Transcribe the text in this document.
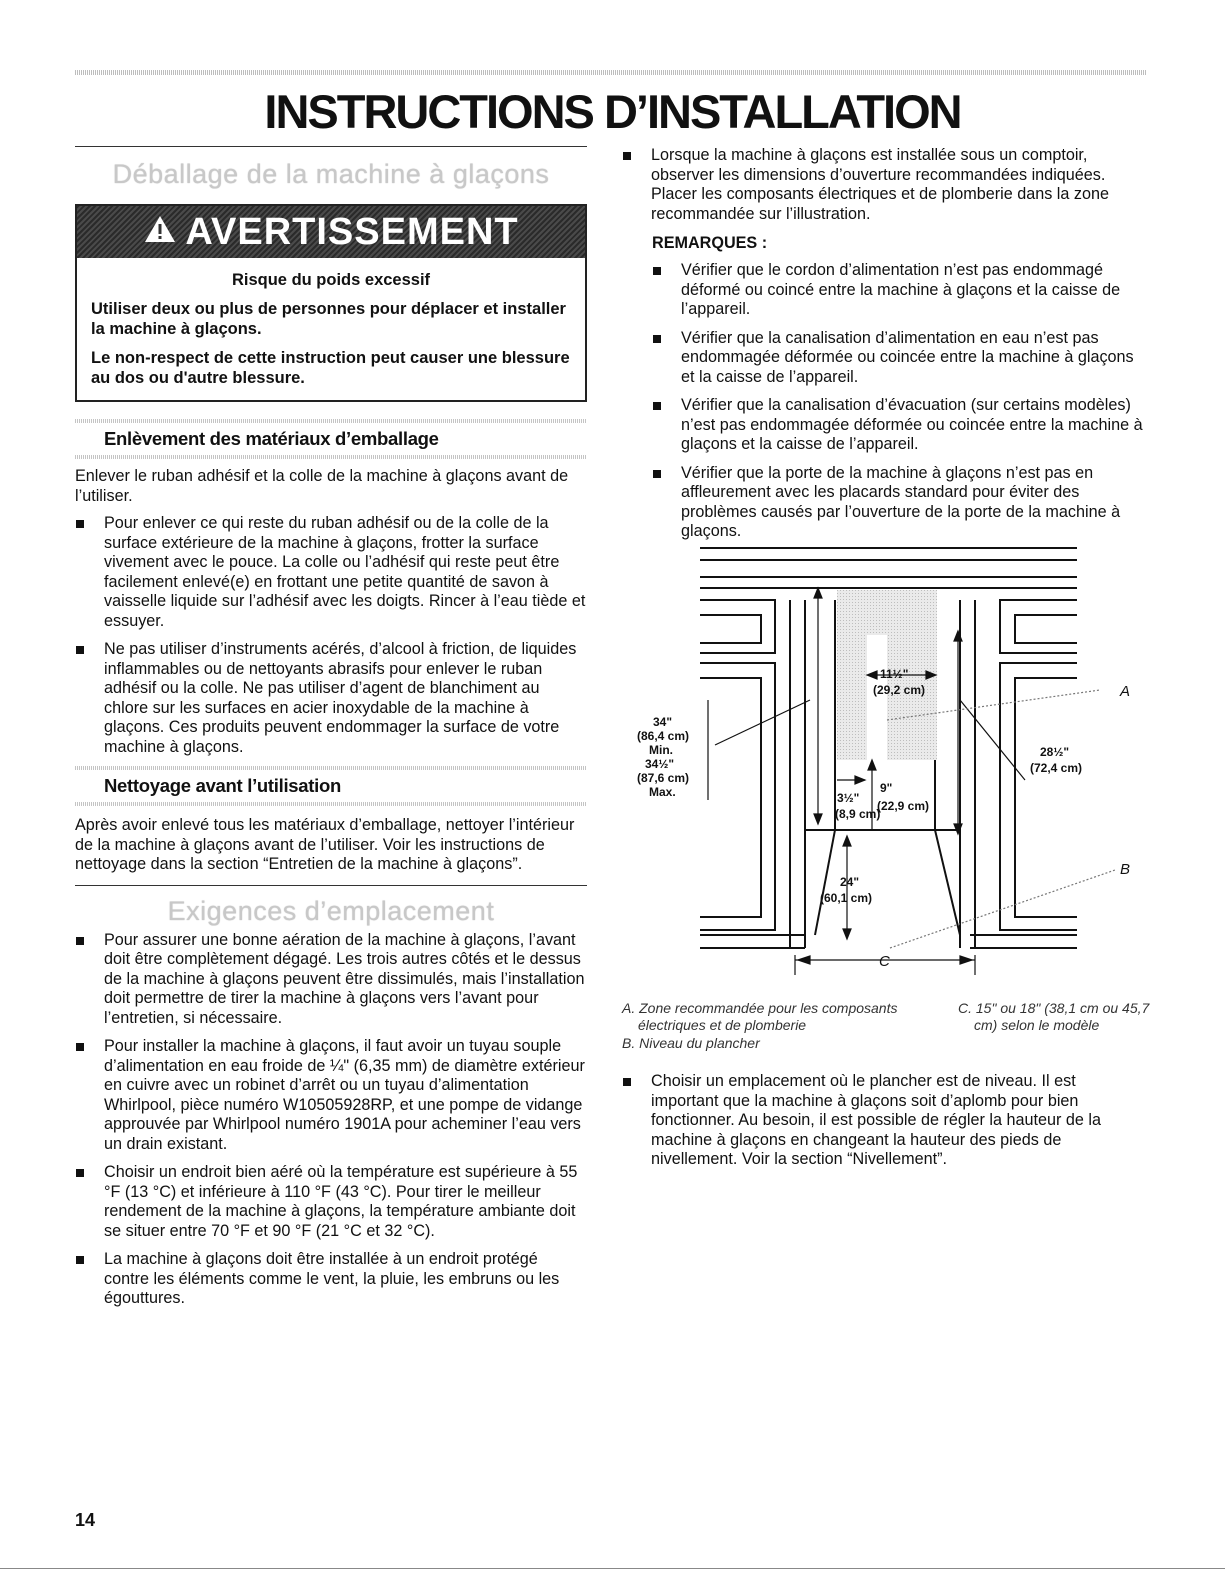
INSTRUCTIONS D’INSTALLATION
Déballage de la machine à glaçons
AVERTISSEMENT
Risque du poids excessif

Utiliser deux ou plus de personnes pour déplacer et installer la machine à glaçons.

Le non-respect de cette instruction peut causer une blessure au dos ou d'autre blessure.

Enlèvement des matériaux d’emballage

Enlever le ruban adhésif et la colle de la machine à glaçons avant de l’utiliser.

Pour enlever ce qui reste du ruban adhésif ou de la colle de la surface extérieure de la machine à glaçons, frotter la surface vivement avec le pouce. La colle ou l’adhésif qui reste peut être facilement enlevé(e) en frottant une petite quantité de savon à vaisselle liquide sur l’adhésif avec les doigts. Rincer à l’eau tiède et essuyer.
Ne pas utiliser d’instruments acérés, d’alcool à friction, de liquides inflammables ou de nettoyants abrasifs pour enlever le ruban adhésif ou la colle. Ne pas utiliser d’agent de blanchiment au chlore sur les surfaces en acier inoxydable de la machine à glaçons. Ces produits peuvent endommager la surface de votre machine à glaçons.
Nettoyage avant l’utilisation

Après avoir enlevé tous les matériaux d’emballage, nettoyer l’intérieur de la machine à glaçons avant de l’utiliser. Voir les instructions de nettoyage dans la section “Entretien de la machine à glaçons”.

Exigences d’emplacement
Pour assurer une bonne aération de la machine à glaçons, l’avant doit être complètement dégagé. Les trois autres côtés et le dessus de la machine à glaçons peuvent être dissimulés, mais l’installation doit permettre de tirer la machine à glaçons vers l’avant pour l’entretien, si nécessaire.
Pour installer la machine à glaçons, il faut avoir un tuyau souple d’alimentation en eau froide de ¼" (6,35 mm) de diamètre extérieur en cuivre avec un robinet d’arrêt ou un tuyau d’alimentation Whirlpool, pièce numéro W10505928RP, et une pompe de vidange approuvée par Whirlpool numéro 1901A pour acheminer l’eau vers un drain existant.
Choisir un endroit bien aéré où la température est supérieure à 55 °F (13 °C) et inférieure à 110 °F (43 °C). Pour tirer le meilleur rendement de la machine à glaçons, la température ambiante doit se situer entre 70 °F et 90 °F (21 °C et 32 °C).
La machine à glaçons doit être installée à un endroit protégé contre les éléments comme le vent, la pluie, les embruns ou les égouttures.
Lorsque la machine à glaçons est installée sous un comptoir, observer les dimensions d’ouverture recommandées indiquées. Placer les composants électriques et de plomberie dans la zone recommandée sur l’illustration.
REMARQUES :
Vérifier que le cordon d’alimentation n’est pas endommagé déformé ou coincé entre la machine à glaçons et la caisse de l’appareil.
Vérifier que la canalisation d’alimentation en eau n’est pas endommagée déformée ou coincée entre la machine à glaçons et la caisse de l’appareil.
Vérifier que la canalisation d’évacuation (sur certains modèles) n’est pas endommagée déformée ou coincée entre la machine à glaçons et la caisse de l’appareil.
Vérifier que la porte de la machine à glaçons n’est pas en affleurement avec les placards standard pour éviter des problèmes causés par l’ouverture de la porte de la machine à glaçons.
34"
(86,4 cm)
Min.
34½"
(87,6 cm)
Max.
11½"
(29,2 cm)
3½"
(8,9 cm)
9"
(22,9 cm)
24"
(60,1 cm)
28½"
(72,4 cm)
A
B
C
A. Zone recommandée pour les composants électriques et de plomberie
B. Niveau du plancher
C. 15" ou 18" (38,1 cm ou 45,7 cm) selon le modèle
Choisir un emplacement où le plancher est de niveau. Il est important que la machine à glaçons soit d’aplomb pour bien fonctionner. Au besoin, il est possible de régler la hauteur de la machine à glaçons en changeant la hauteur des pieds de nivellement. Voir la section “Nivellement”.
14
